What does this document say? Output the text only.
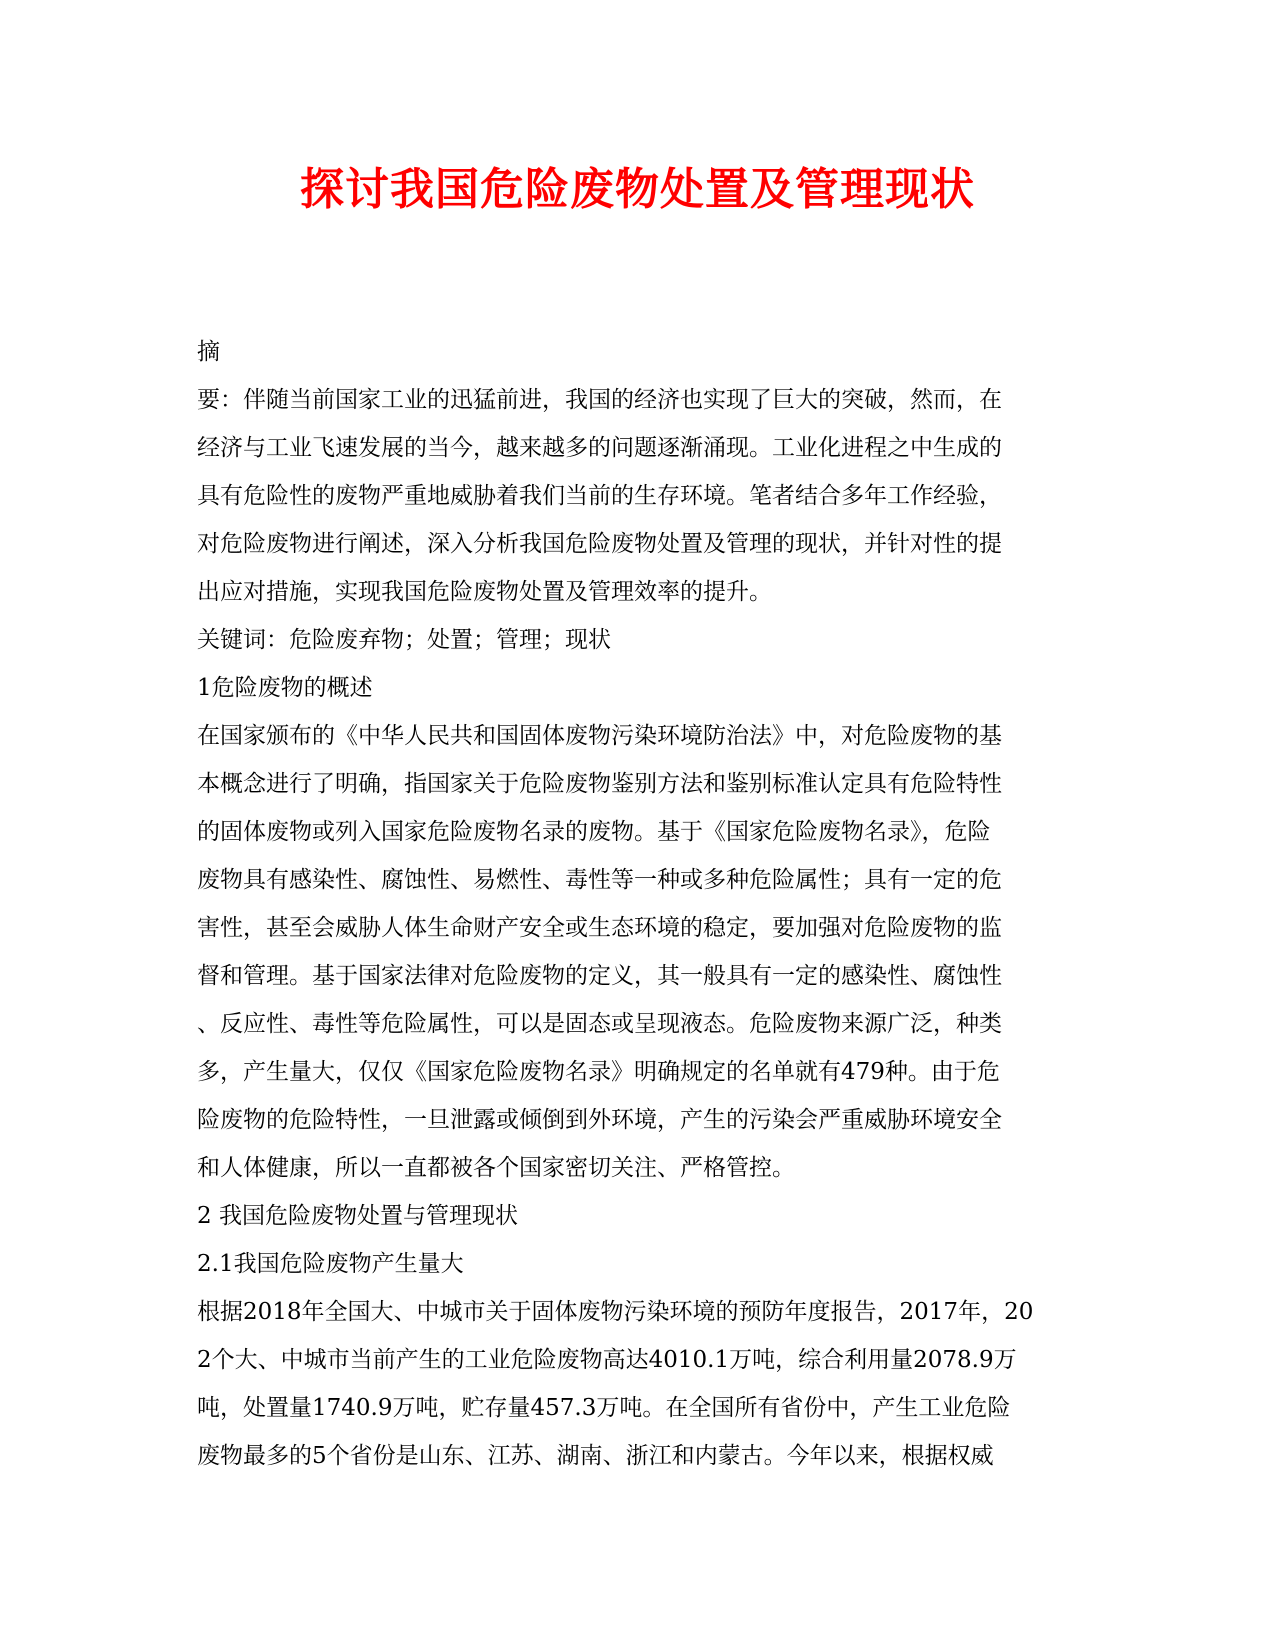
探讨我国危险废物处置及管理现状
摘
要：伴随当前国家工业的迅猛前进，我国的经济也实现了巨大的突破，然而，在
经济与工业飞速发展的当今，越来越多的问题逐渐涌现。工业化进程之中生成的
具有危险性的废物严重地威胁着我们当前的生存环境。笔者结合多年工作经验，
对危险废物进行阐述，深入分析我国危险废物处置及管理的现状，并针对性的提
出应对措施，实现我国危险废物处置及管理效率的提升。
关键词：危险废弃物；处置；管理；现状
1危险废物的概述
在国家颁布的《中华人民共和国固体废物污染环境防治法》中，对危险废物的基
本概念进行了明确，指国家关于危险废物鉴别方法和鉴别标准认定具有危险特性
的固体废物或列入国家危险废物名录的废物。基于《国家危险废物名录》，危险
废物具有感染性、腐蚀性、易燃性、毒性等一种或多种危险属性；具有一定的危
害性，甚至会威胁人体生命财产安全或生态环境的稳定，要加强对危险废物的监
督和管理。基于国家法律对危险废物的定义，其一般具有一定的感染性、腐蚀性
、反应性、毒性等危险属性，可以是固态或呈现液态。危险废物来源广泛，种类
多，产生量大，仅仅《国家危险废物名录》明确规定的名单就有479种。由于危
险废物的危险特性，一旦泄露或倾倒到外环境，产生的污染会严重威胁环境安全
和人体健康，所以一直都被各个国家密切关注、严格管控。
2 我国危险废物处置与管理现状
2.1我国危险废物产生量大
根据2018年全国大、中城市关于固体废物污染环境的预防年度报告，2017年，20
2个大、中城市当前产生的工业危险废物高达4010.1万吨，综合利用量2078.9万
吨，处置量1740.9万吨，贮存量457.3万吨。在全国所有省份中，产生工业危险
废物最多的5个省份是山东、江苏、湖南、浙江和内蒙古。今年以来，根据权威
